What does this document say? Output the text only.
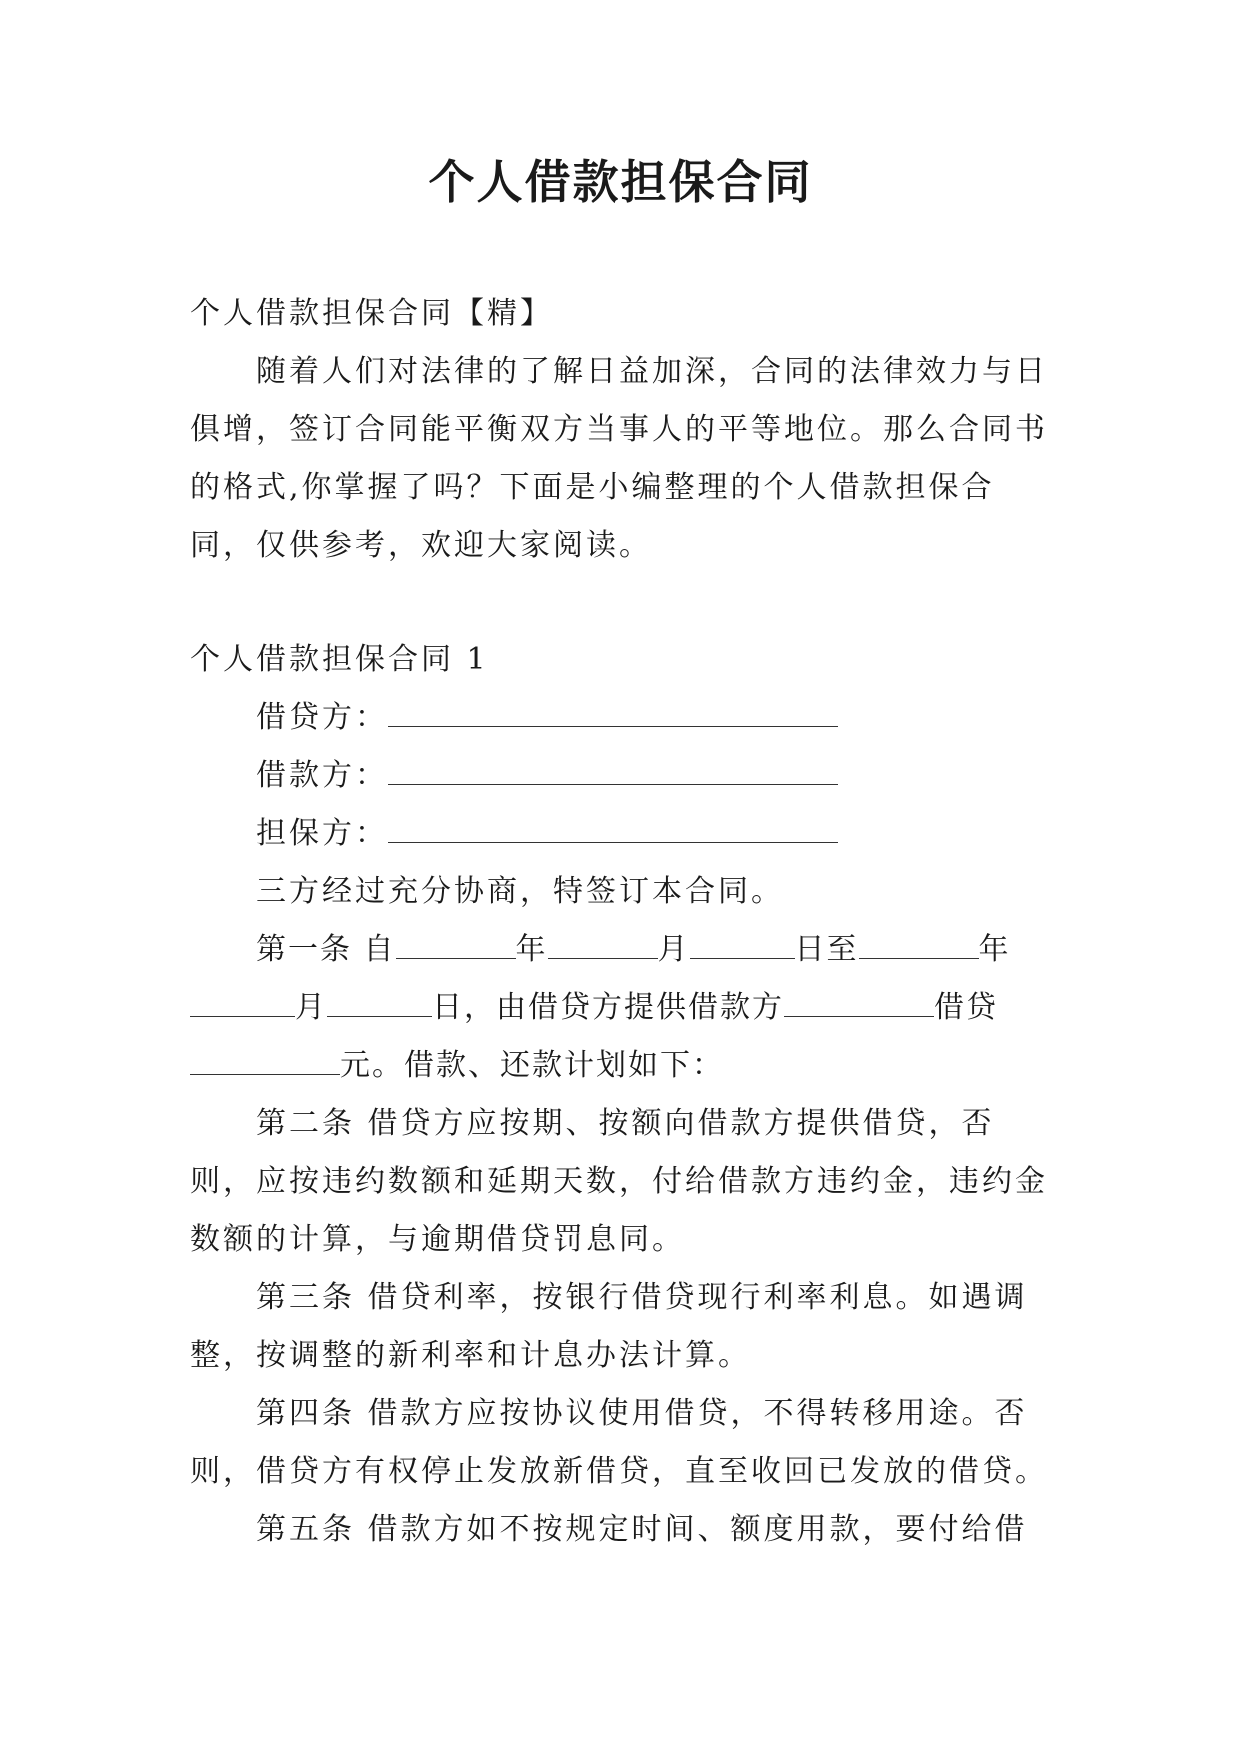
个人借款担保合同

个人借款担保合同【精】

随着人们对法律的了解日益加深，合同的法律效力与日俱增，签订合同能平衡双方当事人的平等地位。那么合同书的格式,你掌握了吗？下面是小编整理的个人借款担保合同，仅供参考，欢迎大家阅读。

个人借款担保合同 1

借贷方：

借款方：

担保方：

三方经过充分协商，特签订本合同。

第一条 自	年	月	日至	年月	日，由借贷方提供借款方	借贷元。借款、还款计划如下：

第二条 借贷方应按期、按额向借款方提供借贷，否则，应按违约数额和延期天数，付给借款方违约金，违约金数额的计算，与逾期借贷罚息同。

第三条 借贷利率，按银行借贷现行利率利息。如遇调整，按调整的新利率和计息办法计算。

第四条 借款方应按协议使用借贷，不得转移用途。否则，借贷方有权停止发放新借贷，直至收回已发放的借贷。

第五条 借款方如不按规定时间、额度用款，要付给借
